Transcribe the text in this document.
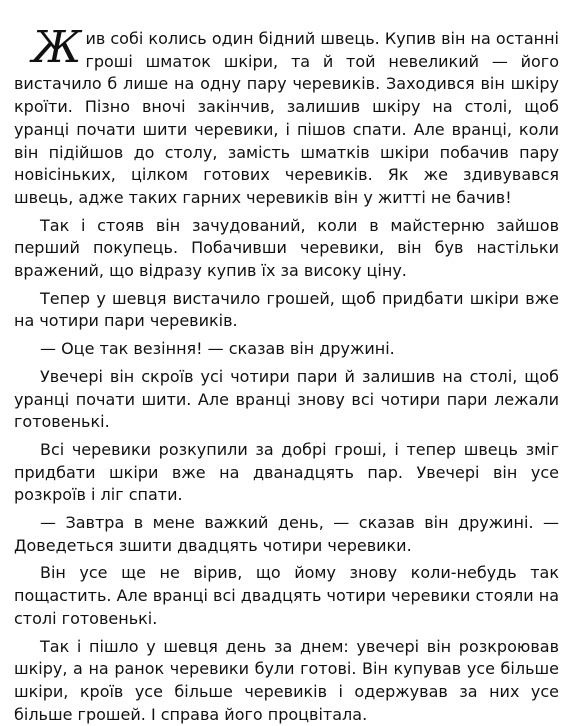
Жив собі колись один бідний швець. Купив він на останні гроші шматок шкіри, та й той невеликий — його вистачило б лише на одну пару черевиків. Заходився він шкіру кроїти. Пізно вночі закінчив, залишив шкіру на столі, щоб уранці почати шити черевики, і пішов спати. Але вранці, коли він підійшов до столу, замість шматків шкіри побачив пару новісіньких, цілком готових черевиків. Як же здивувався швець, адже таких гарних черевиків він у житті не бачив!

Так і стояв він зачудований, коли в майстерню зайшов перший покупець. Побачивши черевики, він був настільки вражений, що відразу купив їх за високу ціну.

Тепер у шевця вистачило грошей, щоб придбати шкіри вже на чотири пари черевиків.

— Оце так везіння! — сказав він дружині.

Увечері він скроїв усі чотири пари й залишив на столі, щоб уранці почати шити. Але вранці знову всі чотири пари лежали готовенькі.

Всі черевики розкупили за добрі гроші, і тепер швець зміг придбати шкіри вже на дванадцять пар. Увечері він усе розкроїв і ліг спати.

— Завтра в мене важкий день, — сказав він дружині. — Доведеться зшити двадцять чотири черевики.

Він усе ще не вірив, що йому знову коли-небудь так пощастить. Але вранці всі двадцять чотири черевики стояли на столі готовенькі.

Так і пішло у шевця день за днем: увечері він розкроював шкіру, а на ранок черевики були готові. Він купував усе більше шкіри, кроїв усе більше черевиків і одержував за них усе більше грошей. І справа його процвітала.
